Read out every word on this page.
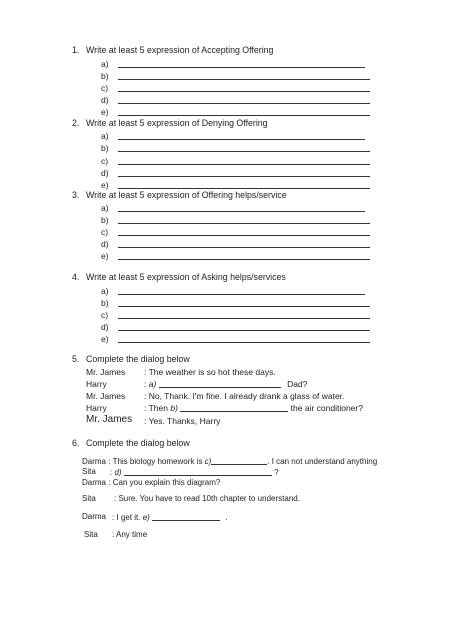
1. Write at least 5 expression of Accepting Offering
a)
b)
c)
d)
e)
2. Write at least 5 expression of Denying Offering
a)
b)
c)
d)
e)
3. Write at least 5 expression of Offering helps/service
a)
b)
c)
d)
e)
4. Write at least 5 expression of Asking helps/services
a)
b)
c)
d)
e)
5. Complete the dialog below
Mr. James : The weather is so hot these days.
Harry	: a)	Dad?
Mr. James : No, Thank. I'm fine. I already drank a glass of water.
Harry	: Then b)	the air conditioner?
Mr. James : Yes. Thanks, Harry
6. Complete the dialog below
Darma : This biology homework is c)	. I can not understand anything
Sita : d)	?
Darma : Can you explain this diagram?
Sita : Sure. You have to read 10th chapter to understand.
Darma : I get it. e)	.
Sita : Any time
